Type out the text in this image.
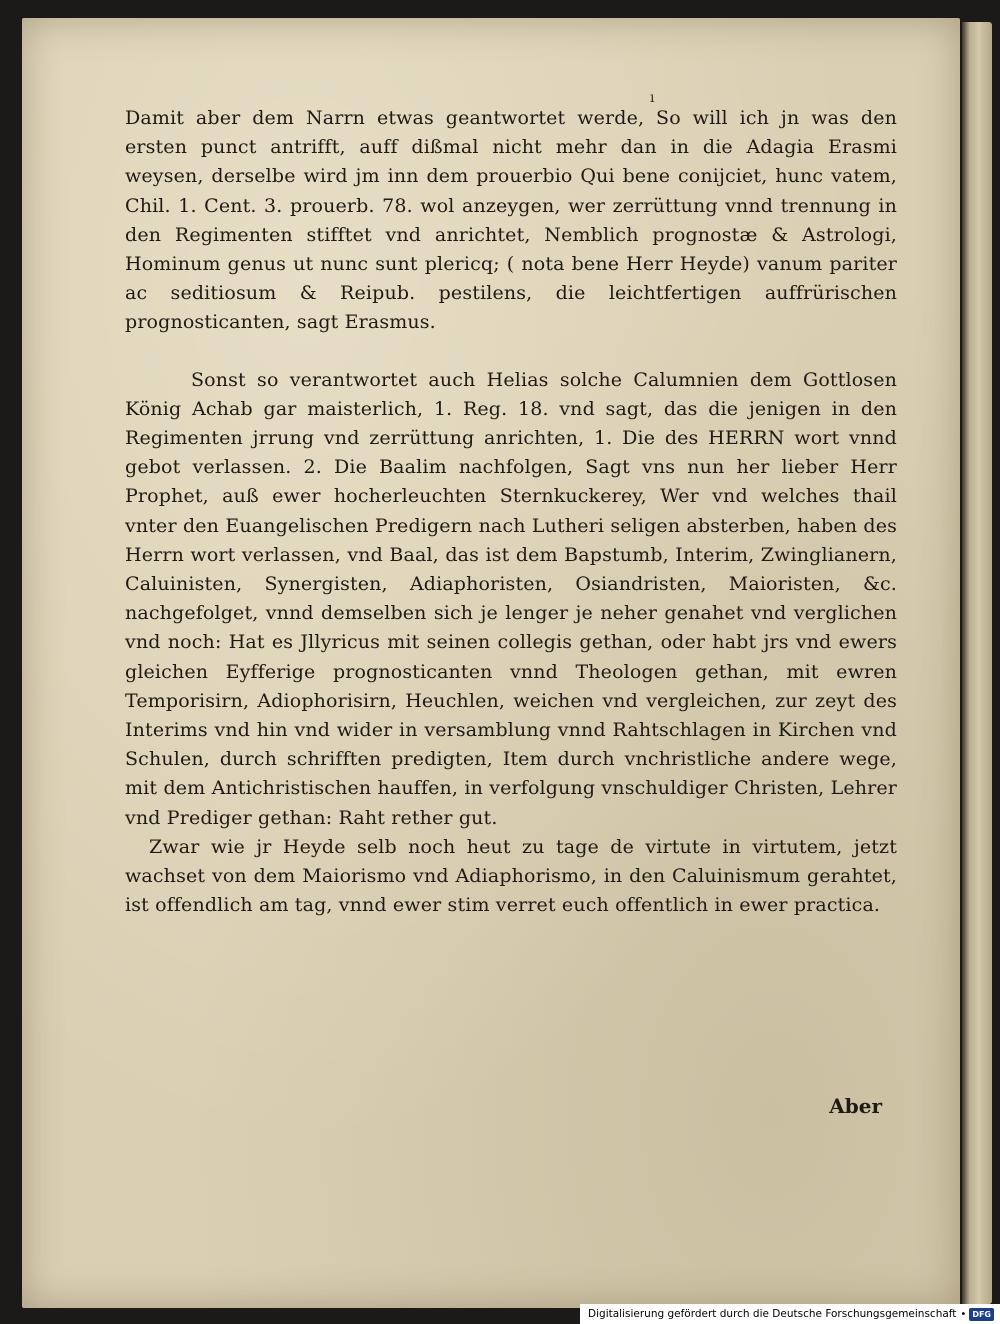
ı

Damit aber dem Narrn etwas geantwortet werde, So will ich jn was den ersten punct antrifft, auff dißmal nicht mehr dan in die Adagia Erasmi weysen, derselbe wird jm inn dem prouerbio Qui bene conijciet, hunc vatem, Chil. 1. Cent. 3. prouerb. 78. wol anzeygen, wer zerrüttung vnnd trennung in den Regimenten stifftet vnd anrichtet, Nemblich prognostæ & Astrologi, Hominum genus ut nunc sunt plericq; ( nota bene Herr Heyde) vanum pariter ac seditiosum & Reipub. pestilens, die leichtfertigen auffrürischen prognosticanten, sagt Erasmus.

Sonst so verantwortet auch Helias solche Calumnien dem Gottlosen König Achab gar maisterlich, 1. Reg. 18. vnd sagt, das die jenigen in den Regimenten jrrung vnd zerrüttung anrichten, 1. Die des HERRN wort vnnd gebot verlassen. 2. Die Baalim nachfolgen, Sagt vns nun her lieber Herr Prophet, auß ewer hocherleuchten Sternkuckerey, Wer vnd welches thail vnter den Euangelischen Predigern nach Lutheri seligen absterben, haben des Herrn wort verlassen, vnd Baal, das ist dem Bapstumb, Interim, Zwinglianern, Caluinisten, Synergisten, Adiaphoristen, Osiandristen, Maioristen, &c. nachgefolget, vnnd demselben sich je lenger je neher genahet vnd verglichen vnd noch: Hat es Jllyricus mit seinen collegis gethan, oder habt jrs vnd ewers gleichen Eyfferige prognosticanten vnnd Theologen gethan, mit ewren Temporisirn, Adiophorisirn, Heuchlen, weichen vnd vergleichen, zur zeyt des Interims vnd hin vnd wider in versamblung vnnd Rahtschlagen in Kirchen vnd Schulen, durch schrifften predigten, Item durch vnchristliche andere wege, mit dem Antichristischen hauffen, in verfolgung vnschuldiger Christen, Lehrer vnd Prediger gethan: Raht rether gut.

Zwar wie jr Heyde selb noch heut zu tage de virtute in virtutem, jetzt wachset von dem Maiorismo vnd Adiaphorismo, in den Caluinismum gerahtet, ist offendlich am tag, vnnd ewer stim verret euch offentlich in ewer practica.

Aber
Digitalisierung gefördert durch die Deutsche Forschungsgemeinschaft • DFG
